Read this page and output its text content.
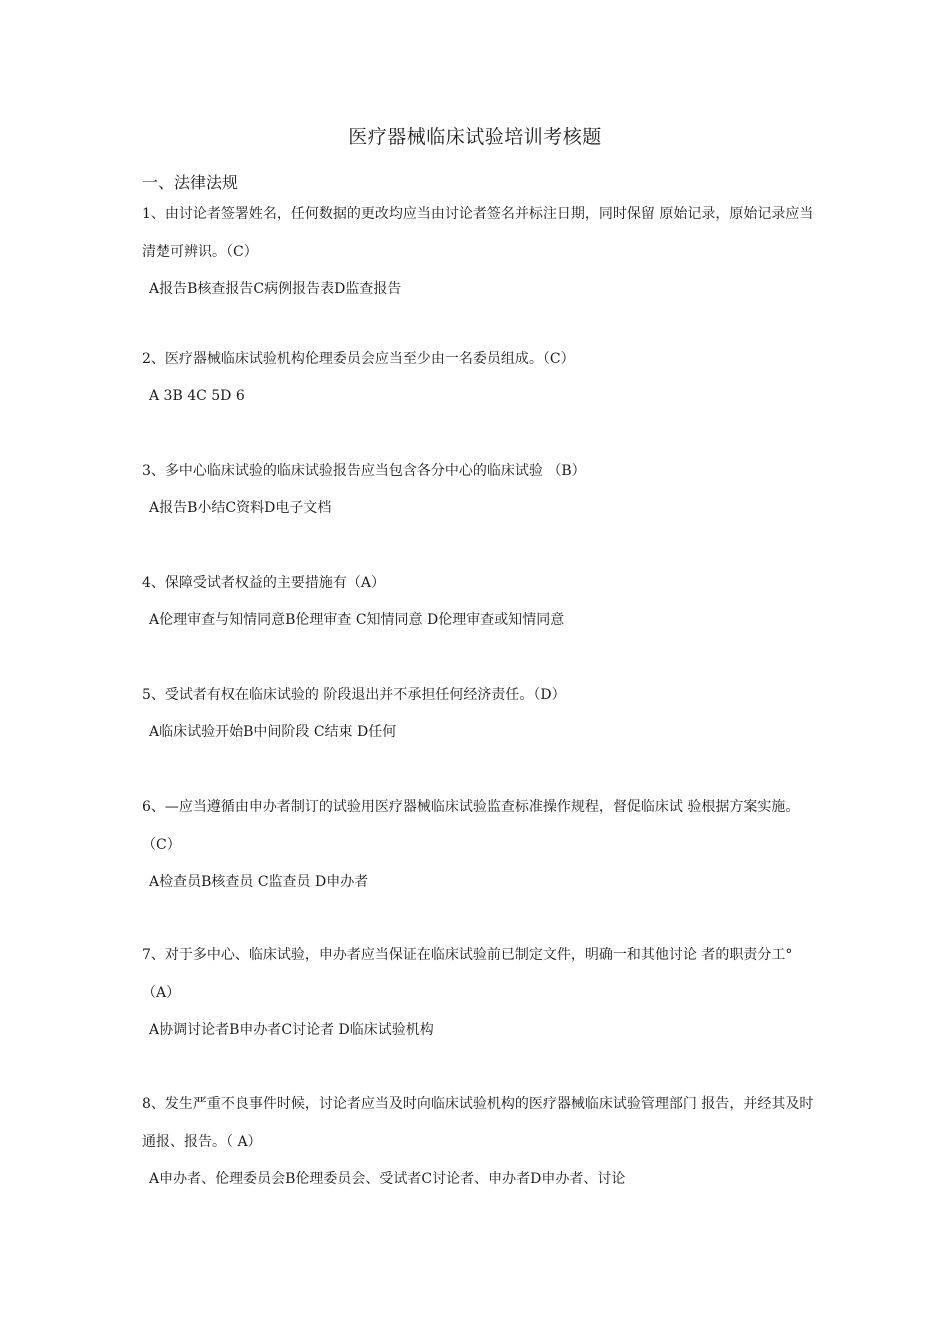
医疗器械临床试验培训考核题
一、法律法规

1、由讨论者签署姓名，任何数据的更改均应当由讨论者签名并标注日期，同时保留 原始记录，原始记录应当清楚可辨识。（C）

A报告B核查报告C病例报告表D监查报告

2、医疗器械临床试验机构伦理委员会应当至少由一名委员组成。（C）

A 3B 4C 5D 6

3、多中心临床试验的临床试验报告应当包含各分中心的临床试验 （B）

A报告B小结C资料D电子文档

4、保障受试者权益的主要措施有（A）

A伦理审查与知情同意B伦理审查 C知情同意 D伦理审查或知情同意

5、受试者有权在临床试验的 阶段退出并不承担任何经济责任。（D）

A临床试验开始B中间阶段 C结束 D任何

6、—应当遵循由申办者制订的试验用医疗器械临床试验监查标准操作规程，督促临床试 验根据方案实施。（C）

A检查员B核查员 C监查员 D申办者

7、对于多中心、临床试验，申办者应当保证在临床试验前已制定文件，明确一和其他讨论 者的职责分工° （A）

A协调讨论者B申办者C讨论者 D临床试验机构

8、发生严重不良事件时候，讨论者应当及时向临床试验机构的医疗器械临床试验管理部门 报告，并经其及时通报、报告。（ A）

A申办者、伦理委员会B伦理委员会、受试者C讨论者、申办者D申办者、讨论
